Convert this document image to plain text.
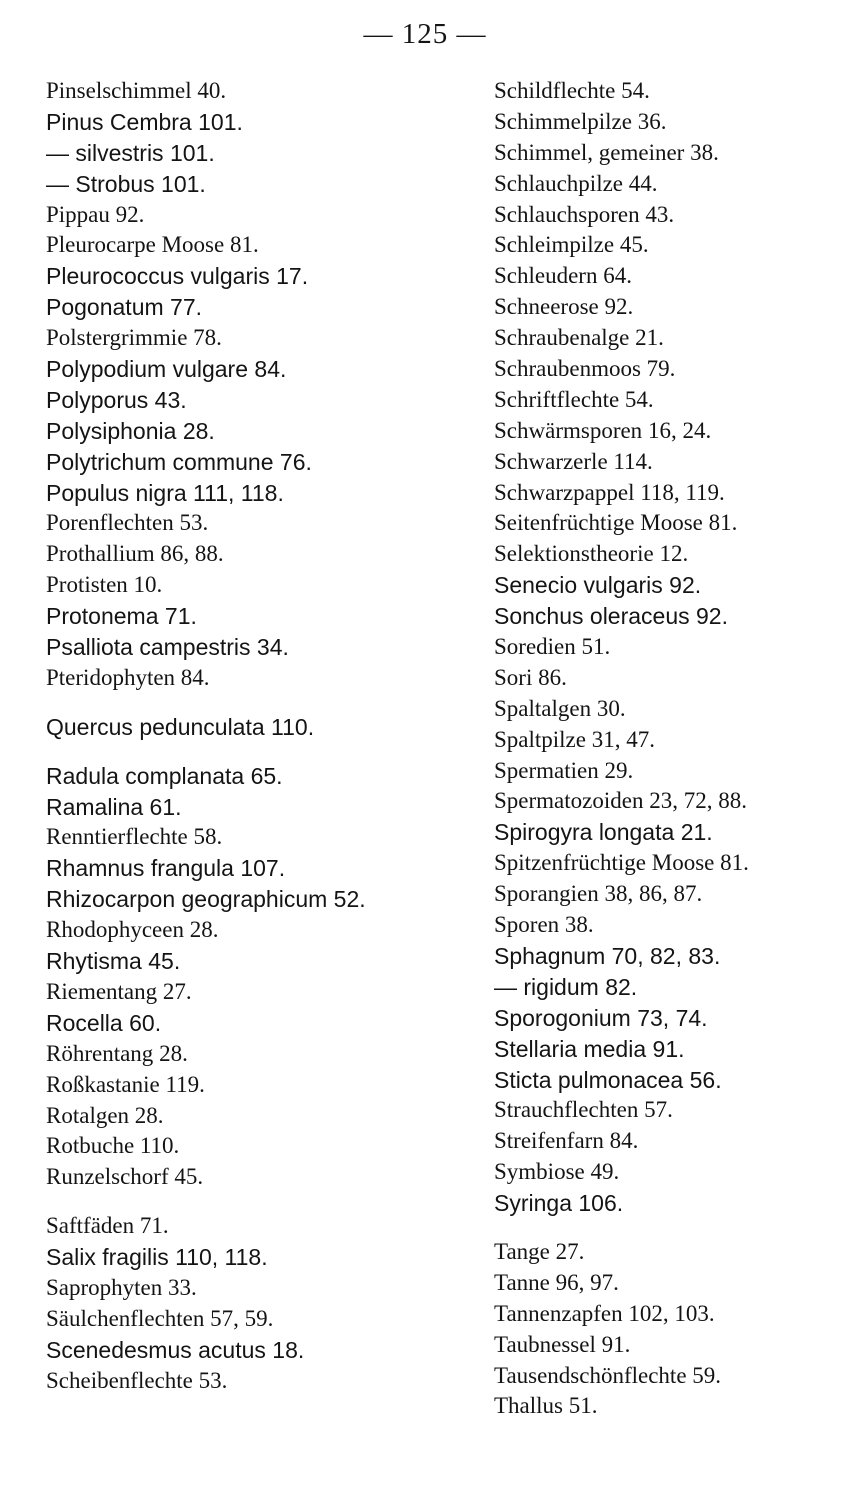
— 125 —
Pinselschimmel 40.
Pinus Cembra 101.
— silvestris 101.
— Strobus 101.
Pippau 92.
Pleurocarpe Moose 81.
Pleurococcus vulgaris 17.
Pogonatum 77.
Polstergrimmie 78.
Polypodium vulgare 84.
Polyporus 43.
Polysiphonia 28.
Polytrichum commune 76.
Populus nigra 111, 118.
Porenflechten 53.
Prothallium 86, 88.
Protisten 10.
Protonema 71.
Psalliota campestris 34.
Pteridophyten 84.
Quercus pedunculata 110.
Radula complanata 65.
Ramalina 61.
Renntierflechte 58.
Rhamnus frangula 107.
Rhizocarpon geographicum 52.
Rhodophyceen 28.
Rhytisma 45.
Riementang 27.
Rocella 60.
Röhrentang 28.
Roßkastanie 119.
Rotalgen 28.
Rotbuche 110.
Runzelschorf 45.
Saftfäden 71.
Salix fragilis 110, 118.
Saprophyten 33.
Säulchenflechten 57, 59.
Scenedesmus acutus 18.
Scheibenflechte 53.
Schildflechte 54.
Schimmelpilze 36.
Schimmel, gemeiner 38.
Schlauchpilze 44.
Schlauchsporen 43.
Schleimpilze 45.
Schleudern 64.
Schneerose 92.
Schraubenalge 21.
Schraubenmoos 79.
Schriftflechte 54.
Schwärmsporen 16, 24.
Schwarzerle 114.
Schwarzpappel 118, 119.
Seitenfrüchtige Moose 81.
Selektionstheorie 12.
Senecio vulgaris 92.
Sonchus oleraceus 92.
Soredien 51.
Sori 86.
Spaltalgen 30.
Spaltpilze 31, 47.
Spermatien 29.
Spermatozoiden 23, 72, 88.
Spirogyra longata 21.
Spitzenfrüchtige Moose 81.
Sporangien 38, 86, 87.
Sporen 38.
Sphagnum 70, 82, 83.
— rigidum 82.
Sporogonium 73, 74.
Stellaria media 91.
Sticta pulmonacea 56.
Strauchflechten 57.
Streifenfarn 84.
Symbiose 49.
Syringa 106.
Tange 27.
Tanne 96, 97.
Tannenzapfen 102, 103.
Taubnessel 91.
Tausendschönflechte 59.
Thallus 51.
